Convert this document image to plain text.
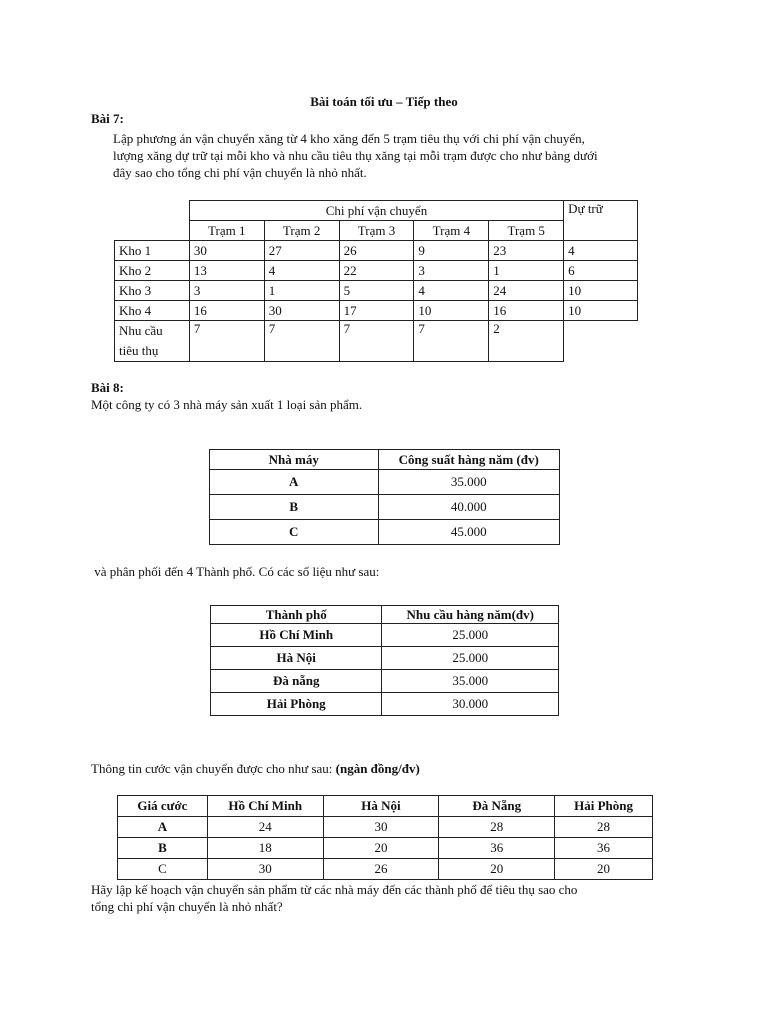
Bài toán tối ưu – Tiếp theo
Bài 7:
Lập phương án vận chuyển xăng từ 4 kho xăng đến 5 trạm tiêu thụ với chi phí vận chuyển,
lượng xăng dự trữ tại mỗi kho và nhu cầu tiêu thụ xăng tại mỗi trạm được cho như bảng dưới
đây sao cho tổng chi phí vận chuyển là nhỏ nhất.
	Chi phí vận chuyển					Dự trữ
	Trạm 1	Trạm 2	Trạm 3	Trạm 4	Trạm 5	
Kho 1	30	27	26	9	23	4
Kho 2	13	4	22	3	1	6
Kho 3	3	1	5	4	24	10
Kho 4	16	30	17	10	16	10

Nhu cầu
tiêu thụ	7	7	7	7	2	
Bài 8:
Một công ty có 3 nhà máy sản xuất 1 loại sản phẩm.
Nhà máy	Công suất hàng năm (đv)
A	35.000
B	40.000
C	45.000
và phân phối đến 4 Thành phố. Có các số liệu như sau:
Thành phố	Nhu cầu hàng năm(đv)
Hồ Chí Minh	25.000
Hà Nội	25.000
Đà nẵng	35.000
Hải Phòng	30.000
Thông tin cước vận chuyển được cho như sau: (ngàn đồng/đv)
Giá cước	Hồ Chí Minh	Hà Nội	Đà Nẵng	Hải Phòng
A	24	30	28	28
B	18	20	36	36
C	30	26	20	20
Hãy lập kế hoạch vận chuyển sản phẩm từ các nhà máy đến các thành phố để tiêu thụ sao cho
tổng chi phí vận chuyển là nhỏ nhất?
